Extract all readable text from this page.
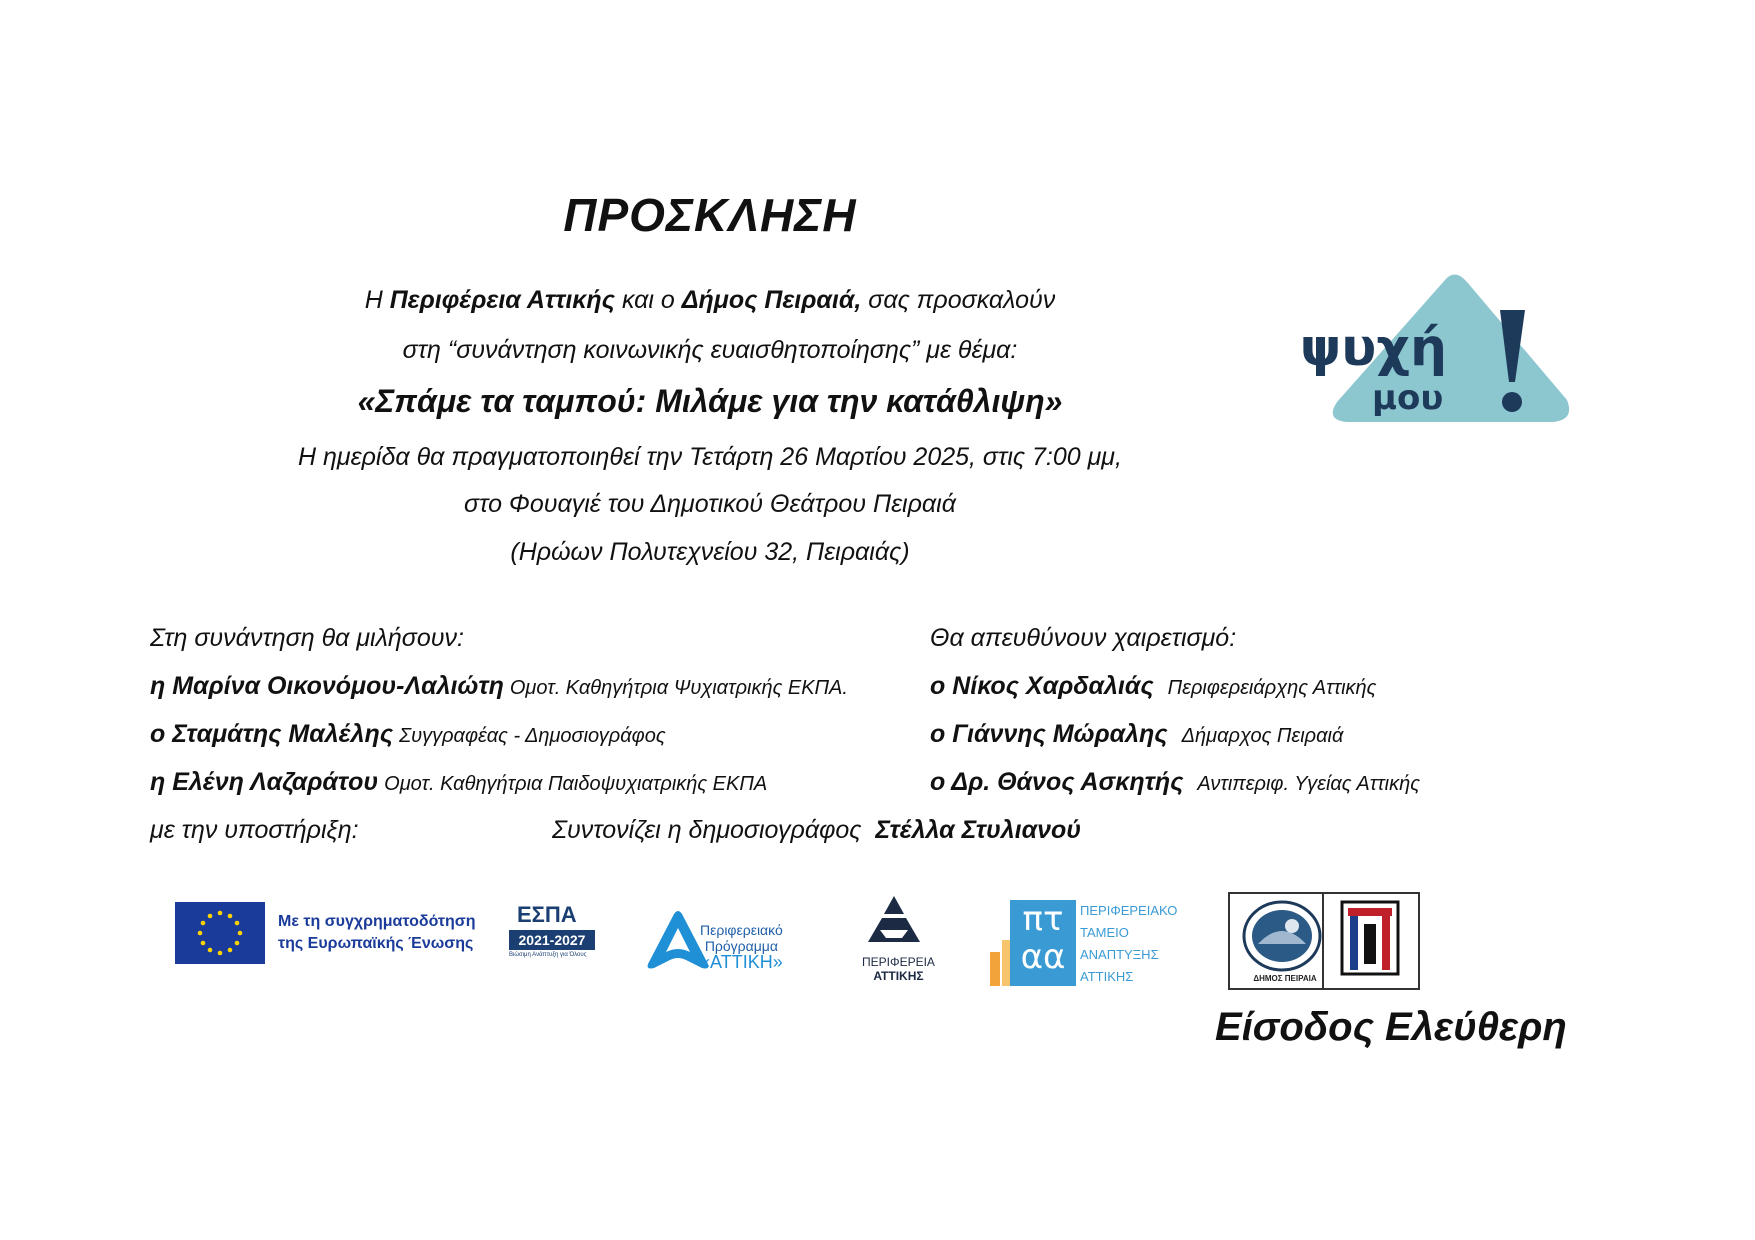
ΠΡΟΣΚΛΗΣΗ
Η Περιφέρεια Αττικής και ο Δήμος Πειραιά, σας προσκαλούν
στη “συνάντηση κοινωνικής ευαισθητοποίησης” με θέμα:
«Σπάμε τα ταμπού: Μιλάμε για την κατάθλιψη»
Η ημερίδα θα πραγματοποιηθεί την Τετάρτη 26 Μαρτίου 2025, στις 7:00 μμ,
στο Φουαγιέ του Δημοτικού Θεάτρου Πειραιά
(Ηρώων Πολυτεχνείου 32, Πειραιάς)
Στη συνάντηση θα μιλήσουν:
η Μαρίνα Οικονόμου-Λαλιώτη Ομοτ. Καθηγήτρια Ψυχιατρικής ΕΚΠΑ.
ο Σταμάτης Μαλέλης Συγγραφέας - Δημοσιογράφος
η Ελένη Λαζαράτου Ομοτ. Καθηγήτρια Παιδοψυχιατρικής ΕΚΠΑ
με την υποστήριξη:	Συντονίζει η δημοσιογράφος Στέλλα Στυλιανού
Θα απευθύνουν χαιρετισμό:
ο Νίκος Χαρδαλιάς Περιφερειάρχης Αττικής
ο Γιάννης Μώραλης Δήμαρχος Πειραιά
ο Δρ. Θάνος Ασκητής Αντιπεριφ. Υγείας Αττικής
ψυχή
μου
Με τη συγχρηματοδότηση
της Ευρωπαϊκής Ένωσης
ΕΣΠΑ
2021-2027
Βιώσιμη Ανάπτυξη για Όλους
Περιφερειακό
Πρόγραμμα
«ΑΤΤΙΚΗ»	ΠΕΡΙΦΕΡΕΙΑ
ΑΤΤΙΚΗΣ
πτ αα
ΠΕΡΙΦΕΡΕΙΑΚΟ
ΤΑΜΕΙΟ
ΑΝΑΠΤΥΞΗΣ
ΑΤΤΙΚΗΣ	ΔΗΜΟΣ ΠΕΙΡΑΙΑ
Είσοδος Ελεύθερη
